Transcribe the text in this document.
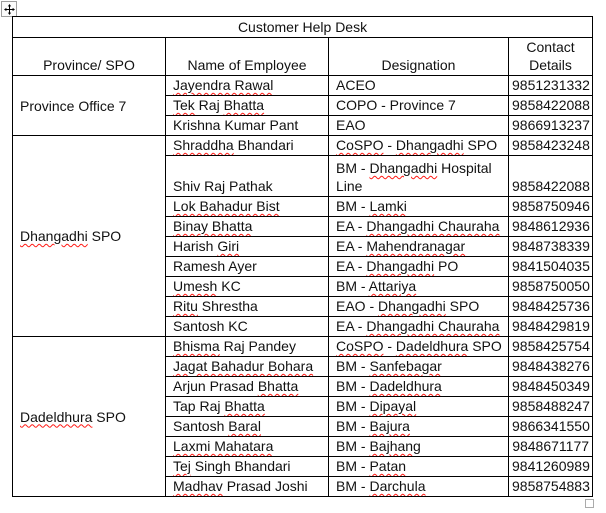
Customer Help Desk			
Province/ SPO	Name of Employee	Designation	Contact Details
Province Office 7	Jayendra Rawal	ACEO	9851231332
	Tek Raj Bhatta	COPO - Province 7	9858422088
	Krishna Kumar Pant	EAO	9866913237
Dhangadhi SPO	Shraddha Bhandari	CoSPO - Dhangadhi SPO	9858423248
	Shiv Raj Pathak	BM - Dhangadhi Hospital Line	9858422088
	Lok Bahadur Bist	BM - Lamki	9858750946
	Binay Bhatta	EA - Dhangadhi Chauraha	9848612936
	Harish Giri	EA - Mahendranagar	9848738339
	Ramesh Ayer	EA - Dhangadhi PO	9841504035
	Umesh KC	BM - Attariya	9858750050
	Ritu Shrestha	EAO - Dhangadhi SPO	9848425736
	Santosh KC	EA - Dhangadhi Chauraha	9848429819
Dadeldhura SPO	Bhisma Raj Pandey	CoSPO - Dadeldhura SPO	9858425754
	Jagat Bahadur Bohara	BM - Sanfebagar	9848438276
	Arjun Prasad Bhatta	BM - Dadeldhura	9848450349
	Tap Raj Bhatta	BM - Dipayal	9858488247
	Santosh Baral	BM - Bajura	9866341550
	Laxmi Mahatara	BM - Bajhang	9848671177
	Tej Singh Bhandari	BM - Patan	9841260989
	Madhav Prasad Joshi	BM - Darchula	9858754883
